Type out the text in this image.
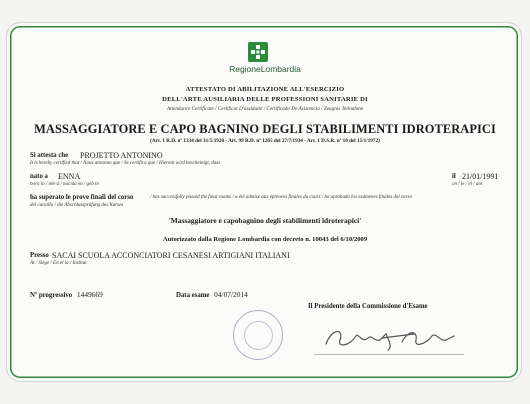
RegioneLombardia
ATTESTATO DI ABILITAZIONE ALL'ESERCIZIO
DELL'ARTE AUSILIARIA DELLE PROFESSIONI SANITARIE DI
Attendance Certificate / Certificat D'assiduité / Certificado De Asistencia / Zeugnis Teilnahme
MASSAGGIATORE E CAPO BAGNINO DEGLI STABILIMENTI IDROTERAPICI
(Art. 1 R.D. nº 1334 del 31/5/1928 - Art. 99 R.D. nº 1265 del 27/7/1934 - Art. 1 D.S.R. nº 10 del 15/1/1972)
Si attesta che PROJETTO ANTONINO
It is hereby certified that / Nous attestom que / Se certifica que / Hiermit wird bescheinigt, dass
nato a ENNA
born in / née à / nacida en / geb in
il 21/01/1991
on / le / el / am
ha superato le prove finali del corso	/ has successfully passed the final exams / a été admise aux épreuves finales du cours / ha aprobado los exámenes finales del curso
del curuillo / die Abschlussprüfung des Kurses
'Massaggiatore e capobagnino degli stabilimenti idroterapici'
Autorizzato dalla Regione Lombardia con decreto n. 10043 del 6/10/2009
Presso SACAI SCUOLA ACCONCIATORI CESANESI ARTIGIANI ITALIANI
At / Siège / En el la / Institut
Nº progressivo 1449669	Data esame 04/07/2014
Il Presidente della Commissione d'Esame
